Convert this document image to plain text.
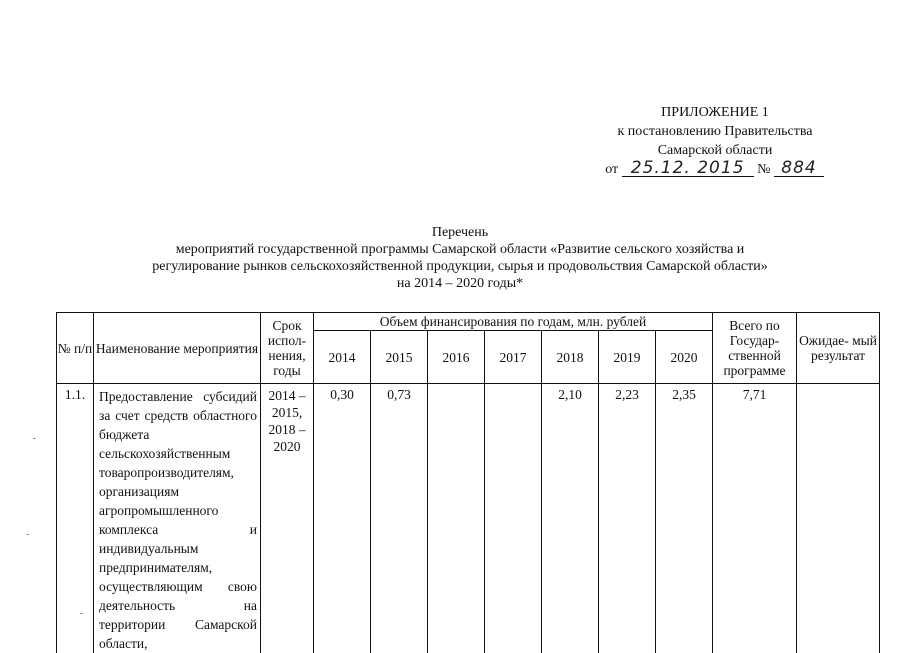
ПРИЛОЖЕНИЕ 1
к постановлению Правительства
Самарской области
от 25.12. 2015 № 884
Перечень
мероприятий государственной программы Самарской области «Развитие сельского хозяйства и
регулирование рынков сельскохозяйственной продукции, сырья и продовольствия Самарской области»
на 2014 – 2020 годы*
№ п/п	Наименование мероприятия	Срок испол- нения, годы	Объем финансирования по годам, млн. рублей							Всего по Государ- ственной программе	Ожидае- мый результат
			2014	2015	2016	2017	2018	2019	2020		
1.1.	Предоставление субсидий за счет средств областного бюджета сельскохозяйственным товаропроизводителям, организациям агропромышленного комплекса и индивидуальным предпринимателям, осуществляющим свою деятельность на территории Самарской области,	2014 – 2015, 2018 – 2020	0,30	0,73			2,10	2,23	2,35	7,71	
